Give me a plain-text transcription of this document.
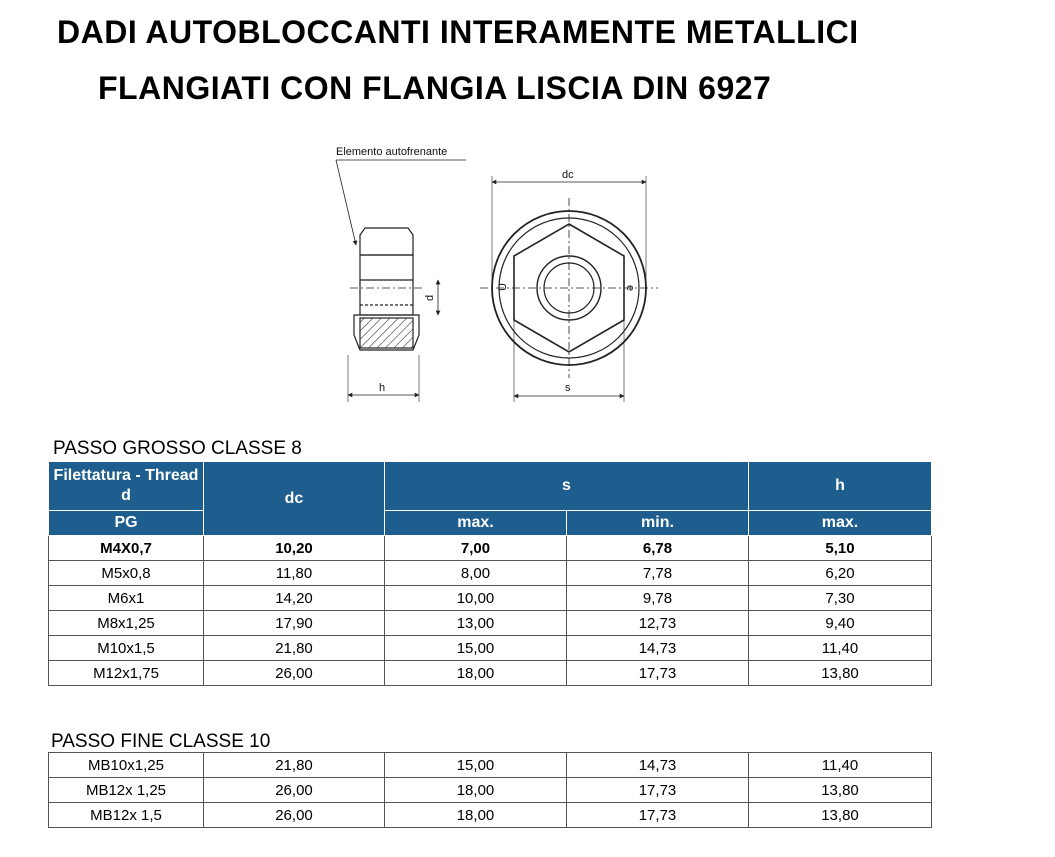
DADI AUTOBLOCCANTI INTERAMENTE METALLICI
FLANGIATI CON FLANGIA LISCIA DIN 6927
Elemento autofrenante
d
h
dc
s
U	e
PASSO GROSSO CLASSE 8
Filettatura - Thread
d	dc	s		h

PG		max.	min.	max.
M4X0,7	10,20	7,00	6,78	5,10
M5x0,8	11,80	8,00	7,78	6,20
M6x1	14,20	10,00	9,78	7,30
M8x1,25	17,90	13,00	12,73	9,40
M10x1,5	21,80	15,00	14,73	11,40
M12x1,75	26,00	18,00	17,73	13,80
PASSO FINE CLASSE 10
MB10x1,25	21,80	15,00	14,73	11,40
MB12x 1,25	26,00	18,00	17,73	13,80
MB12x 1,5	26,00	18,00	17,73	13,80
